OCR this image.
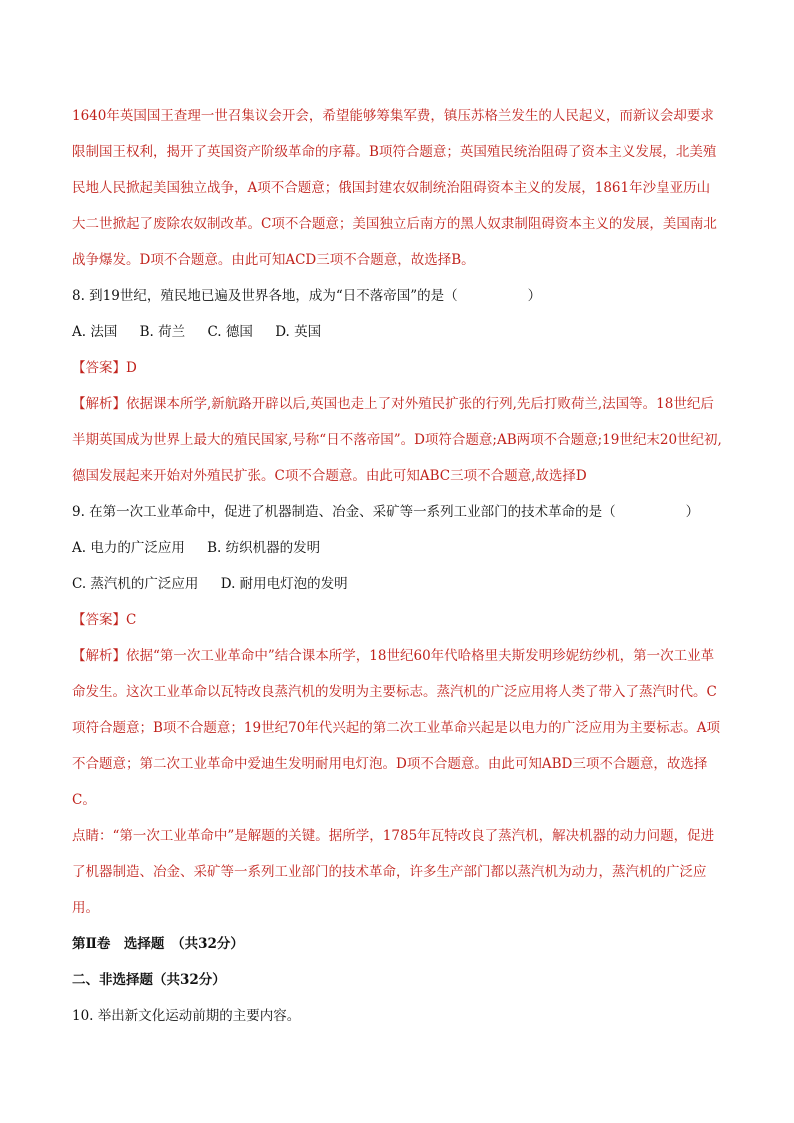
1640年英国国王查理一世召集议会开会，希望能够筹集军费，镇压苏格兰发生的人民起义，而新议会却要求限制国王权利，揭开了英国资产阶级革命的序幕。B项符合题意；英国殖民统治阻碍了资本主义发展，北美殖民地人民掀起美国独立战争，A项不合题意；俄国封建农奴制统治阻碍资本主义的发展，1861年沙皇亚历山大二世掀起了废除农奴制改革。C项不合题意；美国独立后南方的黑人奴隶制阻碍资本主义的发展，美国南北战争爆发。D项不合题意。由此可知ACD三项不合题意，故选择B。

8. 到19世纪，殖民地已遍及世界各地，成为“日不落帝国”的是（	）
A. 法国 B. 荷兰 C. 德国 D. 英国
【答案】D

【解析】依据课本所学,新航路开辟以后,英国也走上了对外殖民扩张的行列,先后打败荷兰,法国等。18世纪后半期英国成为世界上最大的殖民国家,号称“日不落帝国”。D项符合题意;AB两项不合题意;19世纪末20世纪初,德国发展起来开始对外殖民扩张。C项不合题意。由此可知ABC三项不合题意,故选择D

9. 在第一次工业革命中，促进了机器制造、冶金、采矿等一系列工业部门的技术革命的是（	）
A. 电力的广泛应用 B. 纺织机器的发明
C. 蒸汽机的广泛应用 D. 耐用电灯泡的发明
【答案】C

【解析】依据“第一次工业革命中”结合课本所学，18世纪60年代哈格里夫斯发明珍妮纺纱机，第一次工业革命发生。这次工业革命以瓦特改良蒸汽机的发明为主要标志。蒸汽机的广泛应用将人类了带入了蒸汽时代。C项符合题意；B项不合题意；19世纪70年代兴起的第二次工业革命兴起是以电力的广泛应用为主要标志。A项不合题意；第二次工业革命中爱迪生发明耐用电灯泡。D项不合题意。由此可知ABD三项不合题意，故选择C。

点睛：“第一次工业革命中”是解题的关键。据所学，1785年瓦特改良了蒸汽机，解决机器的动力问题，促进了机器制造、冶金、采矿等一系列工业部门的技术革命，许多生产部门都以蒸汽机为动力，蒸汽机的广泛应用。

第Ⅱ卷　选择题　（共32分）
二、非选择题（共32分）
10. 举出新文化运动前期的主要内容。
